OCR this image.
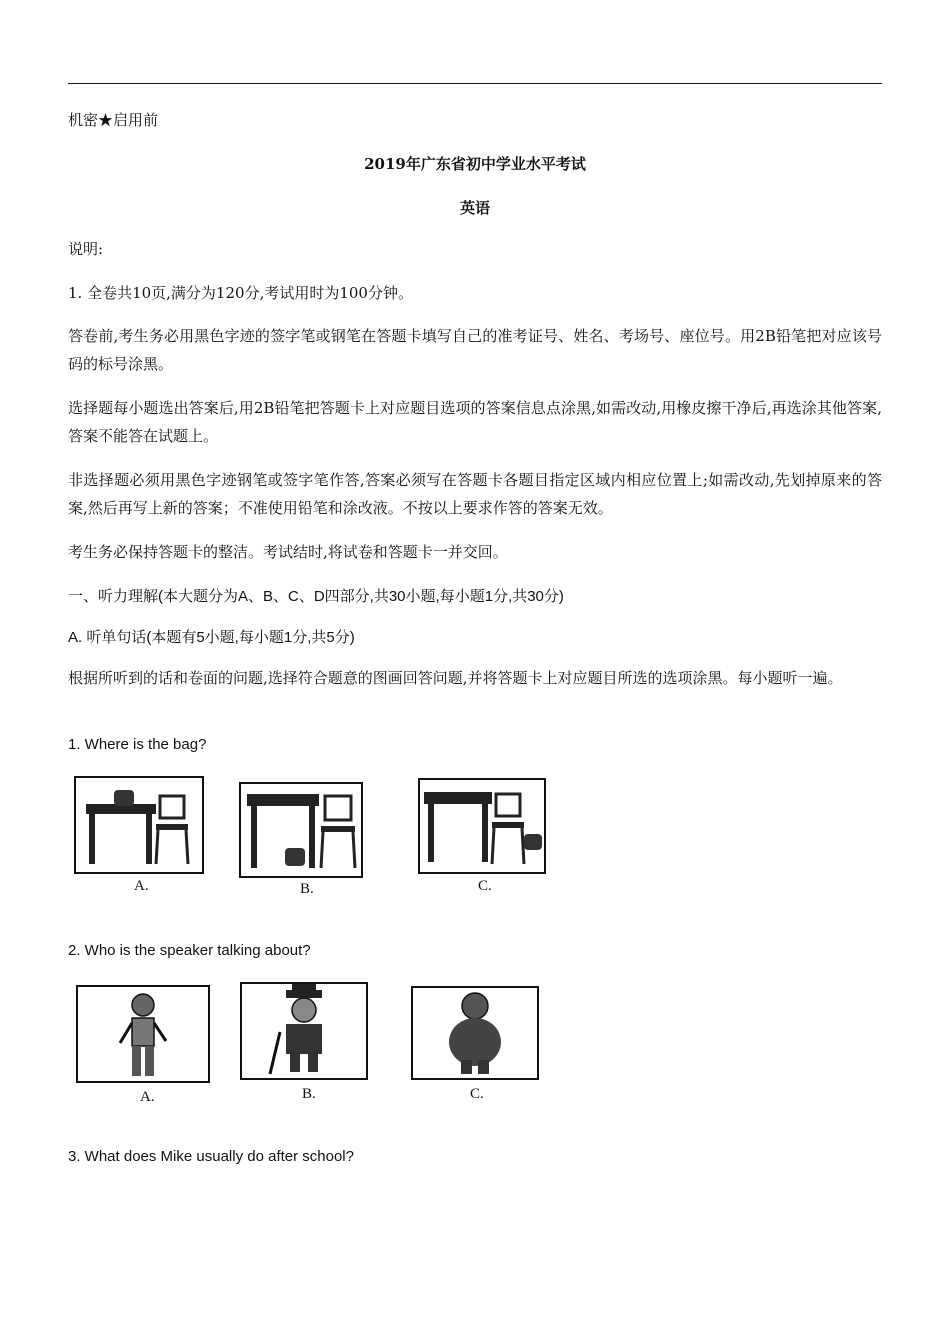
机密★启用前
2019年广东省初中学业水平考试
英语
说明:
1. 全卷共10页,满分为120分,考试用时为100分钟。
答卷前,考生务必用黑色字迹的签字笔或钢笔在答题卡填写自己的准考证号、姓名、考场号、座位号。用2B铅笔把对应该号码的标号涂黑。
选择题每小题选出答案后,用2B铅笔把答题卡上对应题目选项的答案信息点涂黑,如需改动,用橡皮擦干净后,再选涂其他答案,答案不能答在试题上。
非选择题必须用黑色字迹钢笔或签字笔作答,答案必须写在答题卡各题目指定区域内相应位置上;如需改动,先划掉原来的答案,然后再写上新的答案；不准使用铅笔和涂改液。不按以上要求作答的答案无效。
考生务必保持答题卡的整洁。考试结时,将试卷和答题卡一并交回。
一、听力理解(本大题分为A、B、C、D四部分,共30小题,每小题1分,共30分)
A. 听单句话(本题有5小题,每小题1分,共5分)
根据所听到的话和卷面的问题,选择符合题意的图画回答问题,并将答题卡上对应题目所选的选项涂黑。每小题听一遍。
1. Where is the bag?
A.	B.	C.
2. Who is the speaker talking about?
A.	B.	C.
3. What does Mike usually do after school?
